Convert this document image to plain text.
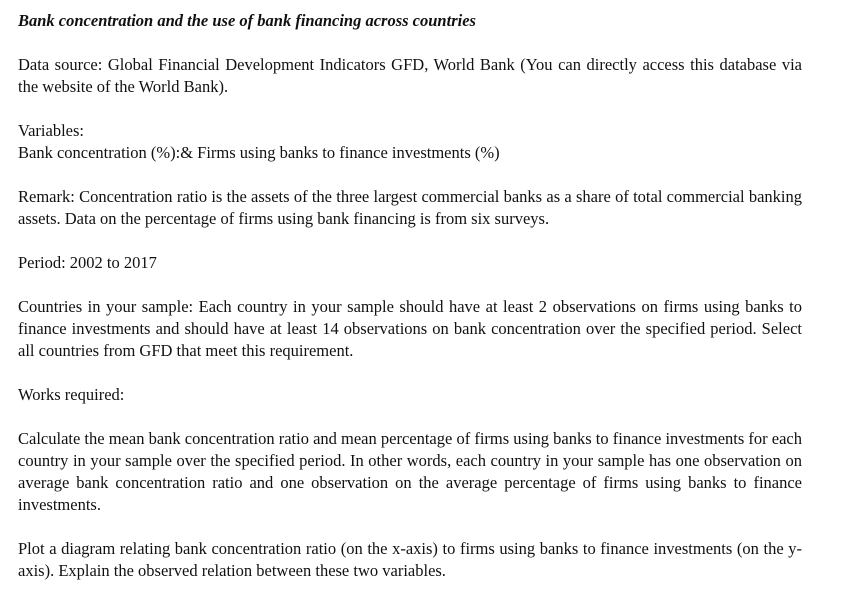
Bank concentration and the use of bank financing across countries

Data source: Global Financial Development Indicators GFD, World Bank (You can directly access this database via the website of the World Bank).

Variables:

Bank concentration (%):& Firms using banks to finance investments (%)

Remark: Concentration ratio is the assets of the three largest commercial banks as a share of total commercial banking assets. Data on the percentage of firms using bank financing is from six surveys.

Period: 2002 to 2017

Countries in your sample: Each country in your sample should have at least 2 observations on firms using banks to finance investments and should have at least 14 observations on bank concentration over the specified period. Select all countries from GFD that meet this requirement.

Works required:

Calculate the mean bank concentration ratio and mean percentage of firms using banks to finance investments for each country in your sample over the specified period. In other words, each country in your sample has one observation on average bank concentration ratio and one observation on the average percentage of firms using banks to finance investments.

Plot a diagram relating bank concentration ratio (on the x-axis) to firms using banks to finance investments (on the y-axis). Explain the observed relation between these two variables.
